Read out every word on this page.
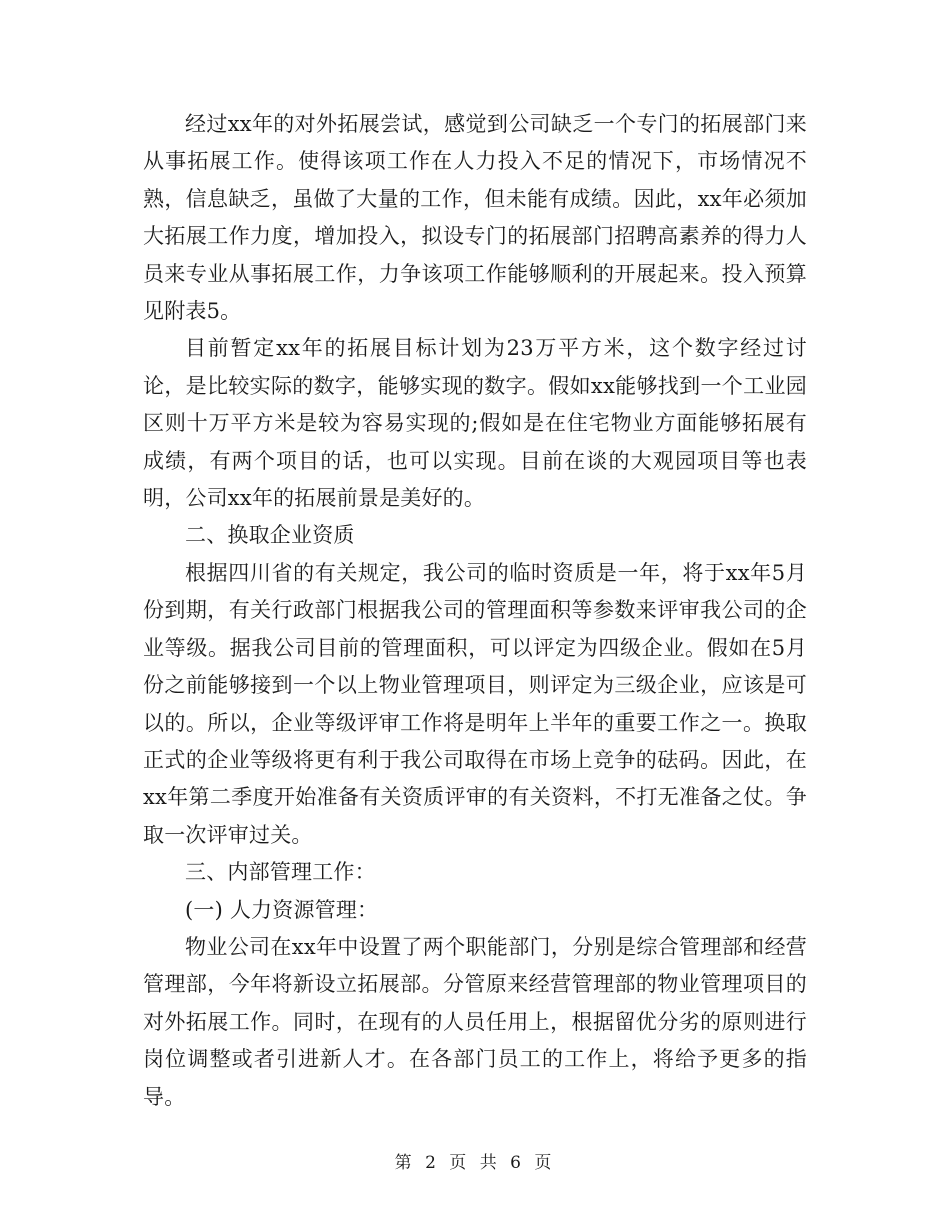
经过xx年的对外拓展尝试，感觉到公司缺乏一个专门的拓展部门来从事拓展工作。使得该项工作在人力投入不足的情况下，市场情况不熟，信息缺乏，虽做了大量的工作，但未能有成绩。因此，xx年必须加大拓展工作力度，增加投入，拟设专门的拓展部门招聘高素养的得力人员来专业从事拓展工作，力争该项工作能够顺利的开展起来。投入预算见附表5。

目前暂定xx年的拓展目标计划为23万平方米，这个数字经过讨论，是比较实际的数字，能够实现的数字。假如xx能够找到一个工业园区则十万平方米是较为容易实现的;假如是在住宅物业方面能够拓展有成绩，有两个项目的话，也可以实现。目前在谈的大观园项目等也表明，公司xx年的拓展前景是美好的。

二、换取企业资质

根据四川省的有关规定，我公司的临时资质是一年，将于xx年5月份到期，有关行政部门根据我公司的管理面积等参数来评审我公司的企业等级。据我公司目前的管理面积，可以评定为四级企业。假如在5月份之前能够接到一个以上物业管理项目，则评定为三级企业，应该是可以的。所以，企业等级评审工作将是明年上半年的重要工作之一。换取正式的企业等级将更有利于我公司取得在市场上竞争的砝码。因此，在xx年第二季度开始准备有关资质评审的有关资料，不打无准备之仗。争取一次评审过关。

三、内部管理工作：

(一) 人力资源管理：

物业公司在xx年中设置了两个职能部门，分别是综合管理部和经营管理部，今年将新设立拓展部。分管原来经营管理部的物业管理项目的对外拓展工作。同时，在现有的人员任用上，根据留优分劣的原则进行岗位调整或者引进新人才。在各部门员工的工作上，将给予更多的指导。

第 2 页 共 6 页
